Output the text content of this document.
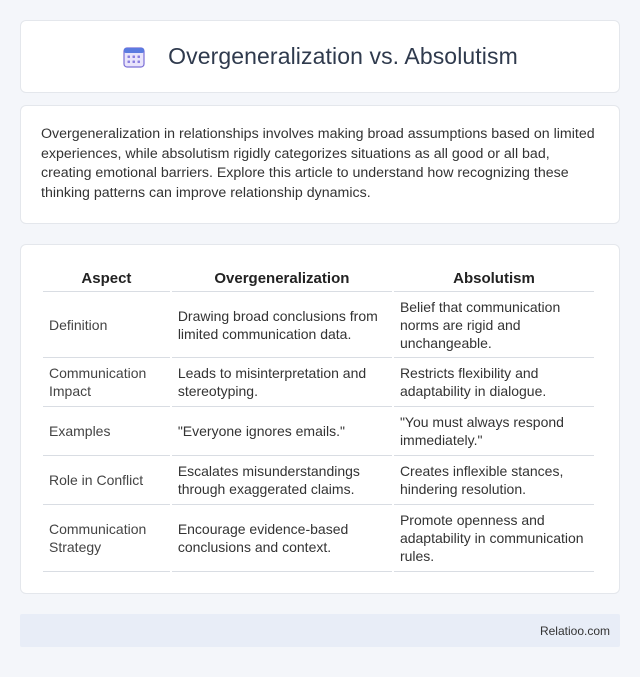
Overgeneralization vs. Absolutism

Overgeneralization in relationships involves making broad assumptions based on limited experiences, while absolutism rigidly categorizes situations as all good or all bad, creating emotional barriers. Explore this article to understand how recognizing these thinking patterns can improve relationship dynamics.

Aspect	Overgeneralization	Absolutism
Definition	Drawing broad conclusions from limited communication data.	Belief that communication norms are rigid and unchangeable.
Communication Impact	Leads to misinterpretation and stereotyping.	Restricts flexibility and adaptability in dialogue.
Examples	"Everyone ignores emails."	"You must always respond immediately."
Role in Conflict	Escalates misunderstandings through exaggerated claims.	Creates inflexible stances, hindering resolution.
Communication Strategy	Encourage evidence-based conclusions and context.	Promote openness and adaptability in communication rules.
Relatioo.com
